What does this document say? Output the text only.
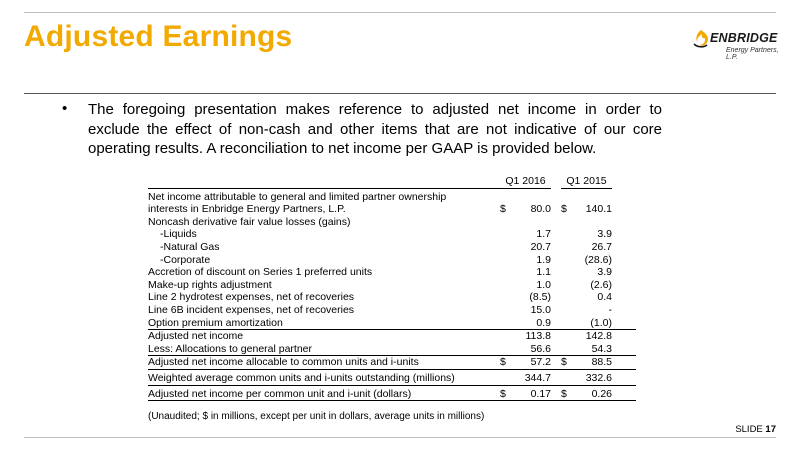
Adjusted Earnings	ENBRIDGE
Energy Partners, L.P.
• The foregoing presentation makes reference to adjusted net income in order to exclude the effect of non-cash and other items that are not indicative of our core operating results. A reconciliation to net income per GAAP is provided below.
	Q1 2016			Q1 2015		
Net income attributable to general and limited partner ownership						
interests in Enbridge Energy Partners, L.P.	$	80.0		$	140.1	
Noncash derivative fair value losses (gains)						
-Liquids		1.7			3.9	
-Natural Gas		20.7			26.7	
-Corporate		1.9			(28.6)	
Accretion of discount on Series 1 preferred units		1.1			3.9	
Make-up rights adjustment		1.0			(2.6)	
Line 2 hydrotest expenses, net of recoveries		(8.5)			0.4	
Line 6B incident expenses, net of recoveries		15.0			-	
Option premium amortization		0.9			(1.0)	
Adjusted net income		113.8			142.8	
Less: Allocations to general partner		56.6			54.3	
Adjusted net income allocable to common units and i-units	$	57.2		$	88.5	
Weighted average common units and i-units outstanding (millions)		344.7			332.6	
Adjusted net income per common unit and i-unit (dollars)	$	0.17		$	0.26	
(Unaudited; $ in millions, except per unit in dollars, average units in millions)
SLIDE 17
